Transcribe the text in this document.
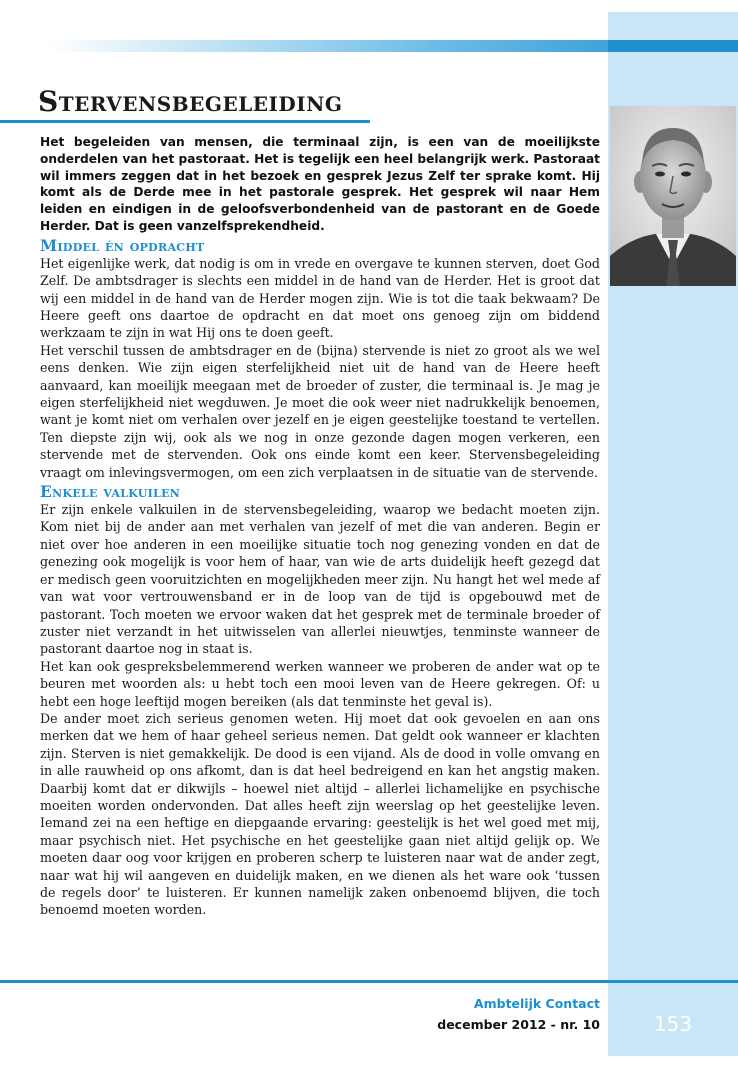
Stervensbegeleiding

Het begeleiden van mensen, die terminaal zijn, is een van de moeilijkste onderdelen van het pastoraat. Het is tegelijk een heel belangrijk werk. Pastoraat wil immers zeggen dat in het bezoek en gesprek Jezus Zelf ter sprake komt. Hij komt als de Derde mee in het pastorale gesprek. Het gesprek wil naar Hem leiden en eindigen in de geloofsverbondenheid van de pastorant en de Goede Herder. Dat is geen vanzelfsprekendheid.

Middel én opdracht

Het eigenlijke werk, dat nodig is om in vrede en overgave te kunnen sterven, doet God Zelf. De ambtsdrager is slechts een middel in de hand van de Herder. Het is groot dat wij een middel in de hand van de Herder mogen zijn. Wie is tot die taak bekwaam? De Heere geeft ons daartoe de opdracht en dat moet ons genoeg zijn om biddend werkzaam te zijn in wat Hij ons te doen geeft.

Het verschil tussen de ambtsdrager en de (bijna) stervende is niet zo groot als we wel eens denken. Wie zijn eigen sterfelijkheid niet uit de hand van de Heere heeft aanvaard, kan moeilijk meegaan met de broeder of zuster, die terminaal is. Je mag je eigen sterfelijkheid niet wegduwen. Je moet die ook weer niet nadrukkelijk benoemen, want je komt niet om verhalen over jezelf en je eigen geestelijke toestand te vertellen. Ten diepste zijn wij, ook als we nog in onze gezonde dagen mogen verkeren, een stervende met de stervenden. Ook ons einde komt een keer. Stervensbegeleiding vraagt om inlevingsvermogen, om een zich verplaatsen in de situatie van de stervende.

Enkele valkuilen

Er zijn enkele valkuilen in de stervensbegeleiding, waarop we bedacht moeten zijn. Kom niet bij de ander aan met verhalen van jezelf of met die van anderen. Begin er niet over hoe anderen in een moeilijke situatie toch nog genezing vonden en dat de genezing ook mogelijk is voor hem of haar, van wie de arts duidelijk heeft gezegd dat er medisch geen vooruitzichten en mogelijkheden meer zijn. Nu hangt het wel mede af van wat voor vertrouwensband er in de loop van de tijd is opgebouwd met de pastorant. Toch moeten we ervoor waken dat het gesprek met de terminale broeder of zuster niet verzandt in het uitwisselen van allerlei nieuwtjes, tenminste wanneer de pastorant daartoe nog in staat is.

Het kan ook gespreksbelemmerend werken wanneer we proberen de ander wat op te beuren met woorden als: u hebt toch een mooi leven van de Heere gekregen. Of: u hebt een hoge leeftijd mogen bereiken (als dat tenminste het geval is).

De ander moet zich serieus genomen weten. Hij moet dat ook gevoelen en aan ons merken dat we hem of haar geheel serieus nemen. Dat geldt ook wanneer er klachten zijn. Sterven is niet gemakkelijk. De dood is een vijand. Als de dood in volle omvang en in alle rauwheid op ons afkomt, dan is dat heel bedreigend en kan het angstig maken. Daarbij komt dat er dikwijls – hoewel niet altijd – allerlei lichamelijke en psychische moeiten worden ondervonden. Dat alles heeft zijn weerslag op het geestelijke leven. Iemand zei na een heftige en diepgaande ervaring: geestelijk is het wel goed met mij, maar psychisch niet. Het psychische en het geestelijke gaan niet altijd gelijk op. We moeten daar oog voor krijgen en proberen scherp te luisteren naar wat de ander zegt, naar wat hij wil aangeven en duidelijk maken, en we dienen als het ware ook ‘tussen de regels door’ te luisteren. Er kunnen namelijk zaken onbenoemd blijven, die toch benoemd moeten worden.

Ambtelijk Contact

december 2012 - nr. 10	153
